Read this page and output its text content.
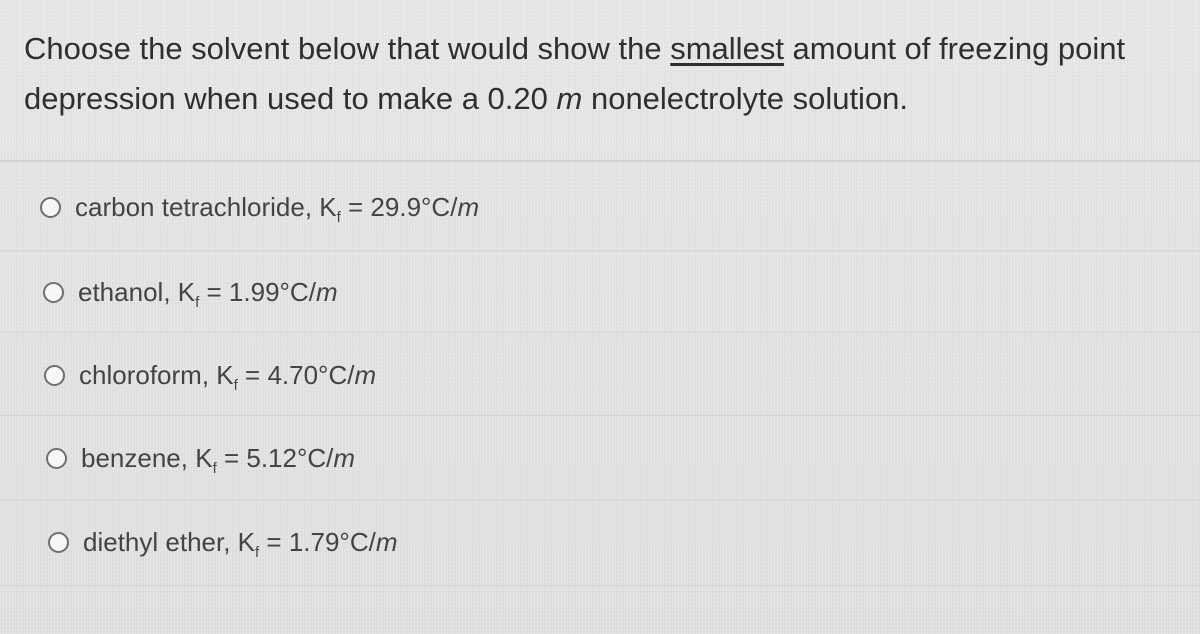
Choose the solvent below that would show the smallest amount of freezing point
depression when used to make a 0.20 m nonelectrolyte solution.

carbon tetrachloride, $K_f = 29.9^\circ C/m$
ethanol, $K_f = 1.99^\circ C/m$
chloroform, $K_f = 4.70^\circ C/m$
benzene, $K_f = 5.12^\circ C/m$
diethyl ether, $K_f = 1.79^\circ C/m$
